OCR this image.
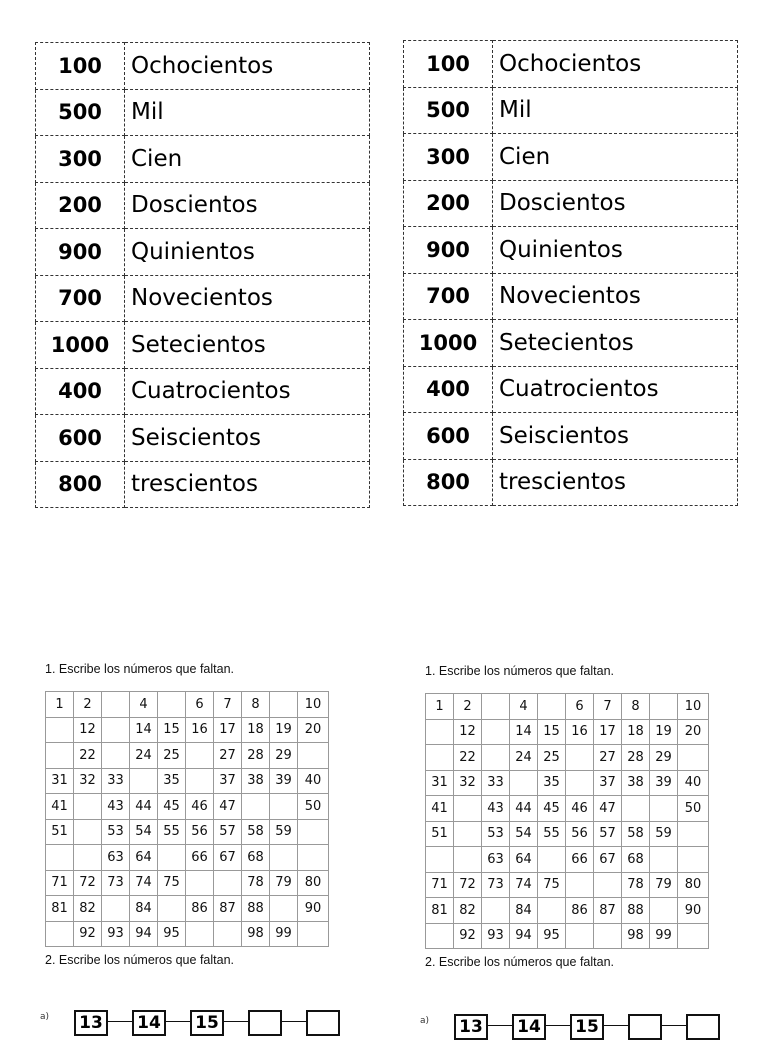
100	Ochocientos
500	Mil
300	Cien
200	Doscientos
900	Quinientos
700	Novecientos
1000	Setecientos
400	Cuatrocientos
600	Seiscientos
800	trescientos
100	Ochocientos
500	Mil
300	Cien
200	Doscientos
900	Quinientos
700	Novecientos
1000	Setecientos
400	Cuatrocientos
600	Seiscientos
800	trescientos
1. Escribe los números que faltan.
1	2		4		6	7	8		10
	12		14	15	16	17	18	19	20
	22		24	25		27	28	29	
31	32	33		35		37	38	39	40
41		43	44	45	46	47			50
51		53	54	55	56	57	58	59	
		63	64		66	67	68		
71	72	73	74	75			78	79	80
81	82		84		86	87	88		90
	92	93	94	95			98	99	
2. Escribe los números que faltan.
a)	13	14	15
1. Escribe los números que faltan.
1	2		4		6	7	8		10
	12		14	15	16	17	18	19	20
	22		24	25		27	28	29	
31	32	33		35		37	38	39	40
41		43	44	45	46	47			50
51		53	54	55	56	57	58	59	
		63	64		66	67	68		
71	72	73	74	75			78	79	80
81	82		84		86	87	88		90
	92	93	94	95			98	99	
2. Escribe los números que faltan.
a)	13	14	15
